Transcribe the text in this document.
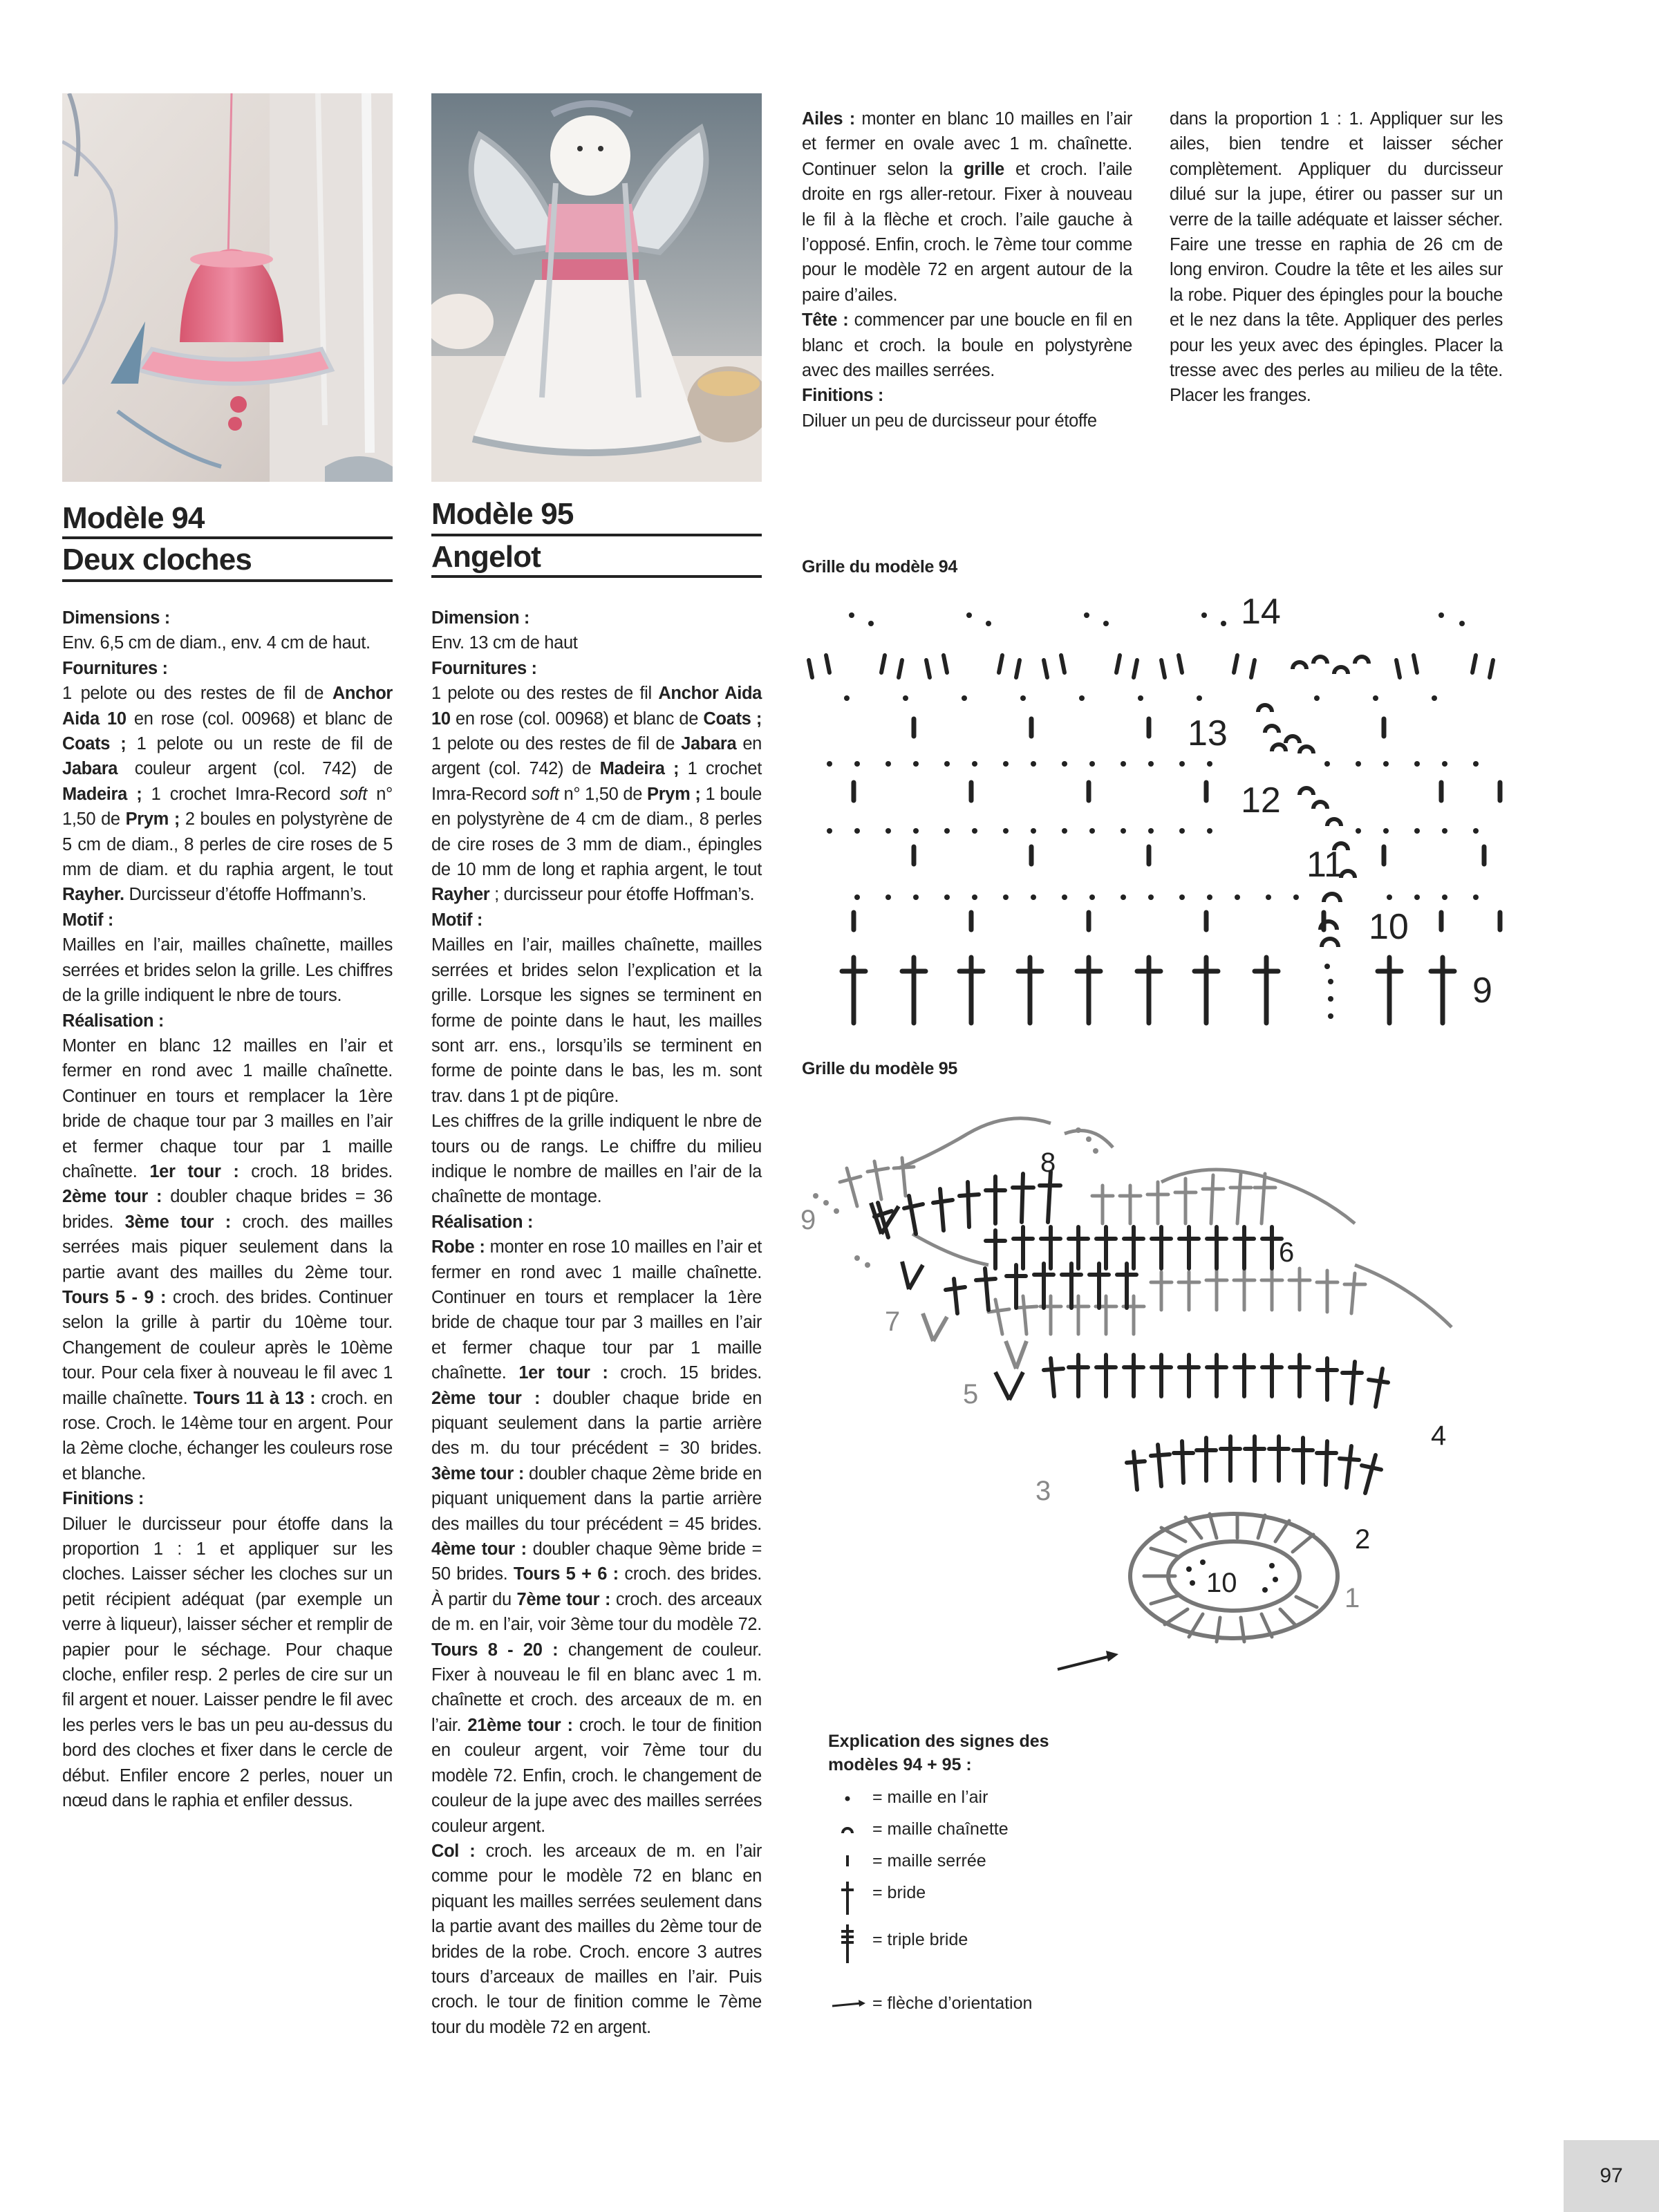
Modèle 94
Deux cloches

Dimensions :

Env. 6,5 cm de diam., env. 4 cm de haut.

Fournitures :

1 pelote ou des restes de fil de Anchor Aida 10 en rose (col. 00968) et blanc de Coats ; 1 pelote ou un reste de fil de Jabara couleur argent (col. 742) de Madeira ; 1 crochet Imra-Record soft n° 1,50 de Prym ; 2 boules en polystyrène de 5 cm de diam., 8 perles de cire roses de 5 mm de diam. et du raphia argent, le tout Rayher. Durcisseur d’étoffe Hoffmann’s.

Motif :

Mailles en l’air, mailles chaînette, mailles serrées et brides selon la grille. Les chiffres de la grille indiquent le nbre de tours.

Réalisation :

Monter en blanc 12 mailles en l’air et fermer en rond avec 1 maille chaînette. Continuer en tours et remplacer la 1ère bride de chaque tour par 3 mailles en l’air et fermer chaque tour par 1 maille chaînette. 1er tour : croch. 18 brides. 2ème tour : doubler chaque brides = 36 brides. 3ème tour : croch. des mailles serrées mais piquer seulement dans la partie avant des mailles du 2ème tour. Tours 5 - 9 : croch. des brides. Continuer selon la grille à partir du 10ème tour. Changement de couleur après le 10ème tour. Pour cela fixer à nouveau le fil avec 1 maille chaînette. Tours 11 à 13 : croch. en rose. Croch. le 14ème tour en argent. Pour la 2ème cloche, échanger les couleurs rose et blanche.

Finitions :

Diluer le durcisseur pour étoffe dans la proportion 1 : 1 et appliquer sur les cloches. Laisser sécher les cloches sur un petit récipient adéquat (par exemple un verre à liqueur), laisser sécher et remplir de papier pour le séchage. Pour chaque cloche, enfiler resp. 2 perles de cire sur un fil argent et nouer. Laisser pendre le fil avec les perles vers le bas un peu au-dessus du bord des cloches et fixer dans le cercle de début. Enfiler encore 2 perles, nouer un nœud dans le raphia et enfiler dessus.

Modèle 95
Angelot

Dimension :

Env. 13 cm de haut

Fournitures :

1 pelote ou des restes de fil Anchor Aida 10 en rose (col. 00968) et blanc de Coats ; 1 pelote ou des restes de fil de Jabara en argent (col. 742) de Madeira ; 1 crochet Imra-Record soft n° 1,50 de Prym ; 1 boule en polystyrène de 4 cm de diam., 8 perles de cire roses de 3 mm de diam., épingles de 10 mm de long et raphia argent, le tout Rayher ; durcisseur pour étoffe Hoffman’s.

Motif :

Mailles en l’air, mailles chaînette, mailles serrées et brides selon l’explication et la grille. Lorsque les signes se terminent en forme de pointe dans le haut, les mailles sont arr. ens., lorsqu’ils se terminent en forme de pointe dans le bas, les m. sont trav. dans 1 pt de piqûre.

Les chiffres de la grille indiquent le nbre de tours ou de rangs. Le chiffre du milieu indique le nombre de mailles en l’air de la chaînette de montage.

Réalisation :

Robe : monter en rose 10 mailles en l’air et fermer en rond avec 1 maille chaînette. Continuer en tours et remplacer la 1ère bride de chaque tour par 3 mailles en l’air et fermer chaque tour par 1 maille chaînette. 1er tour : croch. 15 brides. 2ème tour : doubler chaque bride en piquant seulement dans la partie arrière des m. du tour précédent = 30 brides. 3ème tour : doubler chaque 2ème bride en piquant uniquement dans la partie arrière des mailles du tour précédent = 45 brides. 4ème tour : doubler chaque 9ème bride = 50 brides. Tours 5 + 6 : croch. des brides. À partir du 7ème tour : croch. des arceaux de m. en l’air, voir 3ème tour du modèle 72. Tours 8 - 20 : changement de couleur. Fixer à nouveau le fil en blanc avec 1 m. chaînette et croch. des arceaux de m. en l’air. 21ème tour : croch. le tour de finition en couleur argent, voir 7ème tour du modèle 72. Enfin, croch. le changement de couleur de la jupe avec des mailles serrées couleur argent.

Col : croch. les arceaux de m. en l’air comme pour le modèle 72 en blanc en piquant les mailles serrées seulement dans la partie avant des mailles du 2ème tour de brides de la robe. Croch. encore 3 autres tours d’arceaux de mailles en l’air. Puis croch. le tour de finition comme le 7ème tour du modèle 72 en argent.

Ailes : monter en blanc 10 mailles en l’air et fermer en ovale avec 1 m. chaînette. Continuer selon la grille et croch. l’aile droite en rgs aller-retour. Fixer à nouveau le fil à la flèche et croch. l’aile gauche à l’opposé. Enfin, croch. le 7ème tour comme pour le modèle 72 en argent autour de la paire d’ailes.

Tête : commencer par une boucle en fil en blanc et croch. la boule en polystyrène avec des mailles serrées.

Finitions :

Diluer un peu de durcisseur pour étoffe

dans la proportion 1 : 1. Appliquer sur les ailes, bien tendre et laisser sécher complètement. Appliquer du durcisseur dilué sur la jupe, étirer ou passer sur un verre de la taille adéquate et laisser sécher. Faire une tresse en raphia de 26 cm de long environ. Coudre la tête et les ailes sur la robe. Piquer des épingles pour la bouche et le nez dans la tête. Appliquer des perles pour les yeux avec des épingles. Placer la tresse avec des perles au milieu de la tête. Placer les franges.

Grille du modèle 94
14
13
12
11
10
9
Grille du modèle 95
8
9
6
7
5
4
3
2
10	1
Explication des signes des modèles 94 + 95 :
= maille en l’air
= maille chaînette
= maille serrée
= bride
= triple bride
= flèche d’orientation
97
